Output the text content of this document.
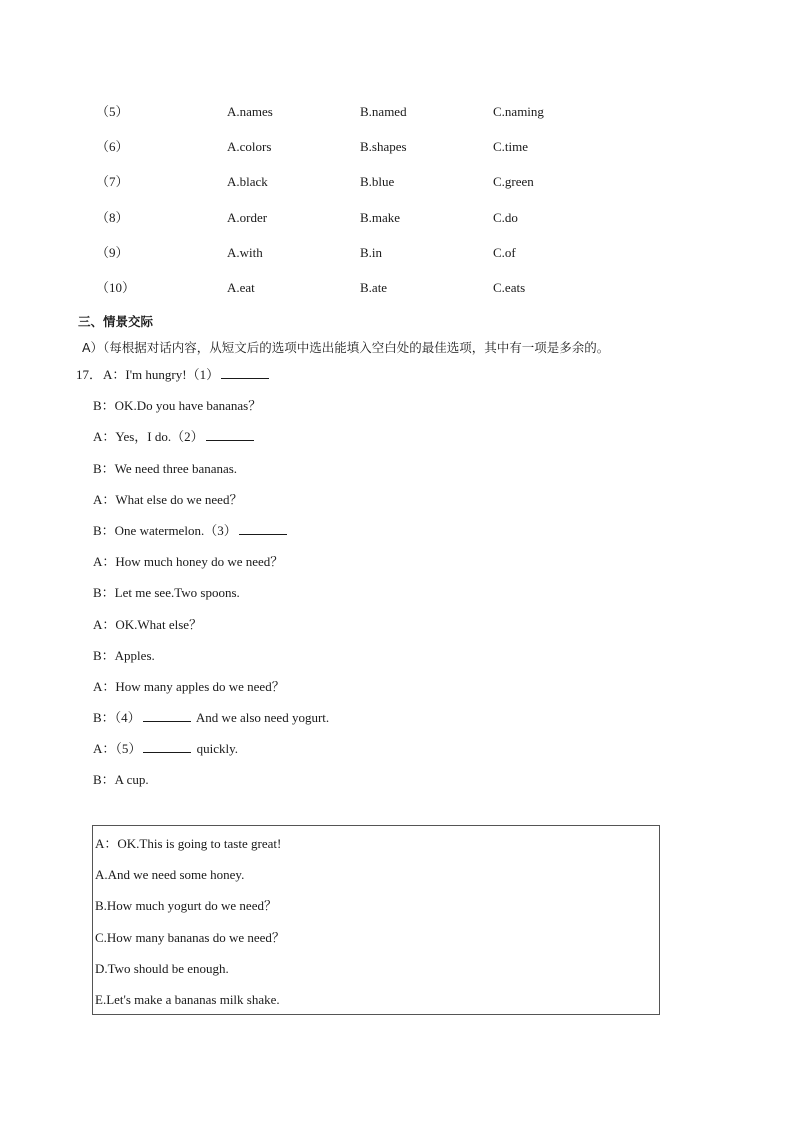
（5）	A.names	B.named	C.naming
（6）	A.colors	B.shapes	C.time
（7）	A.black	B.blue	C.green
（8）	A.order	B.make	C.do
（9）	A.with	B.in	C.of
（10）	A.eat	B.ate	C.eats
三、情景交际
A）（每根据对话内容，从短文后的选项中选出能填入空白处的最佳选项，其中有一项是多余的。
17． A：I'm hungry!（1）
B：OK.Do you have bananas？
A：Yes，I do.（2）
B：We need three bananas.
A：What else do we need？
B：One watermelon.（3）
A：How much honey do we need？
B：Let me see.Two spoons.
A：OK.What else？
B：Apples.
A：How many apples do we need？
B：（4）	And we also need yogurt.
A：（5）	quickly.
B：A cup.
A：OK.This is going to taste great!
A.And we need some honey.
B.How much yogurt do we need？
C.How many bananas do we need？
D.Two should be enough.
E.Let's make a bananas milk shake.
